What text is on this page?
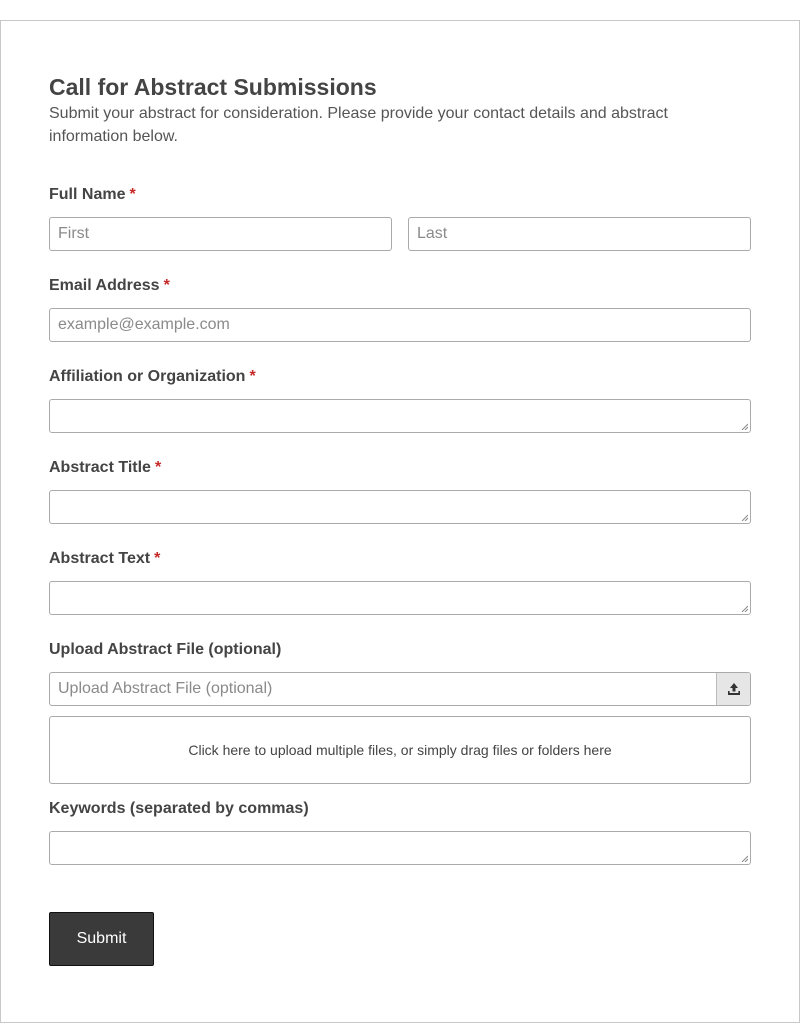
Call for Abstract Submissions
Submit your abstract for consideration. Please provide your contact details and abstract information below.
Full Name *
First	Last
Email Address *
example@example.com
Affiliation or Organization *
Abstract Title *
Abstract Text *
Upload Abstract File (optional)
Upload Abstract File (optional)
Click here to upload multiple files, or simply drag files or folders here
Keywords (separated by commas)
Submit
